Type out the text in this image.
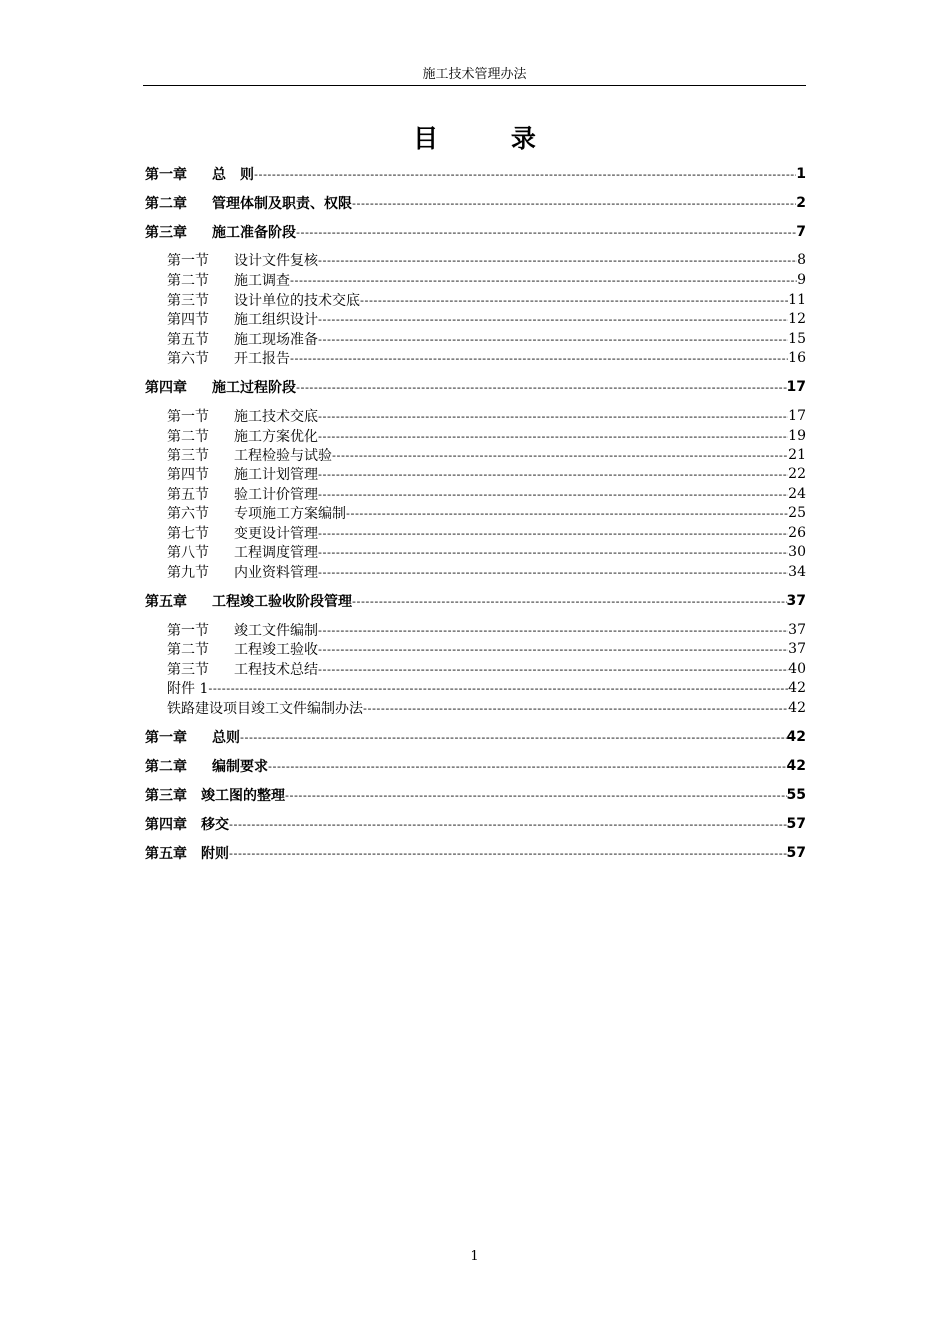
施工技术管理办法
目 录
第一章	总　则 -----	1
第二章	管理体制及职责、权限 -----	2
第三章	施工准备阶段 -----	7
第一节	设计文件复核 -----	8
第二节	施工调查 -----	9
第三节	设计单位的技术交底 -----	11
第四节	施工组织设计 -----	12
第五节	施工现场准备 -----	15
第六节	开工报告 -----	16
第四章	施工过程阶段 -----	17
第一节	施工技术交底 -----	17
第二节	施工方案优化 -----	19
第三节	工程检验与试验 -----	21
第四节	施工计划管理 -----	22
第五节	验工计价管理 -----	24
第六节	专项施工方案编制 -----	25
第七节	变更设计管理 -----	26
第八节	工程调度管理 -----	30
第九节	内业资料管理 -----	34
第五章	工程竣工验收阶段管理 -----	37
第一节	竣工文件编制 -----	37
第二节	工程竣工验收 -----	37
第三节	工程技术总结 -----	40
附件 1 -----	42
铁路建设项目竣工文件编制办法 -----	42
第一章	总则 -----	42
第二章	编制要求 -----	42
第三章	竣工图的整理 -----	55
第四章	移交 -----	57
第五章	附则 -----	57
1
